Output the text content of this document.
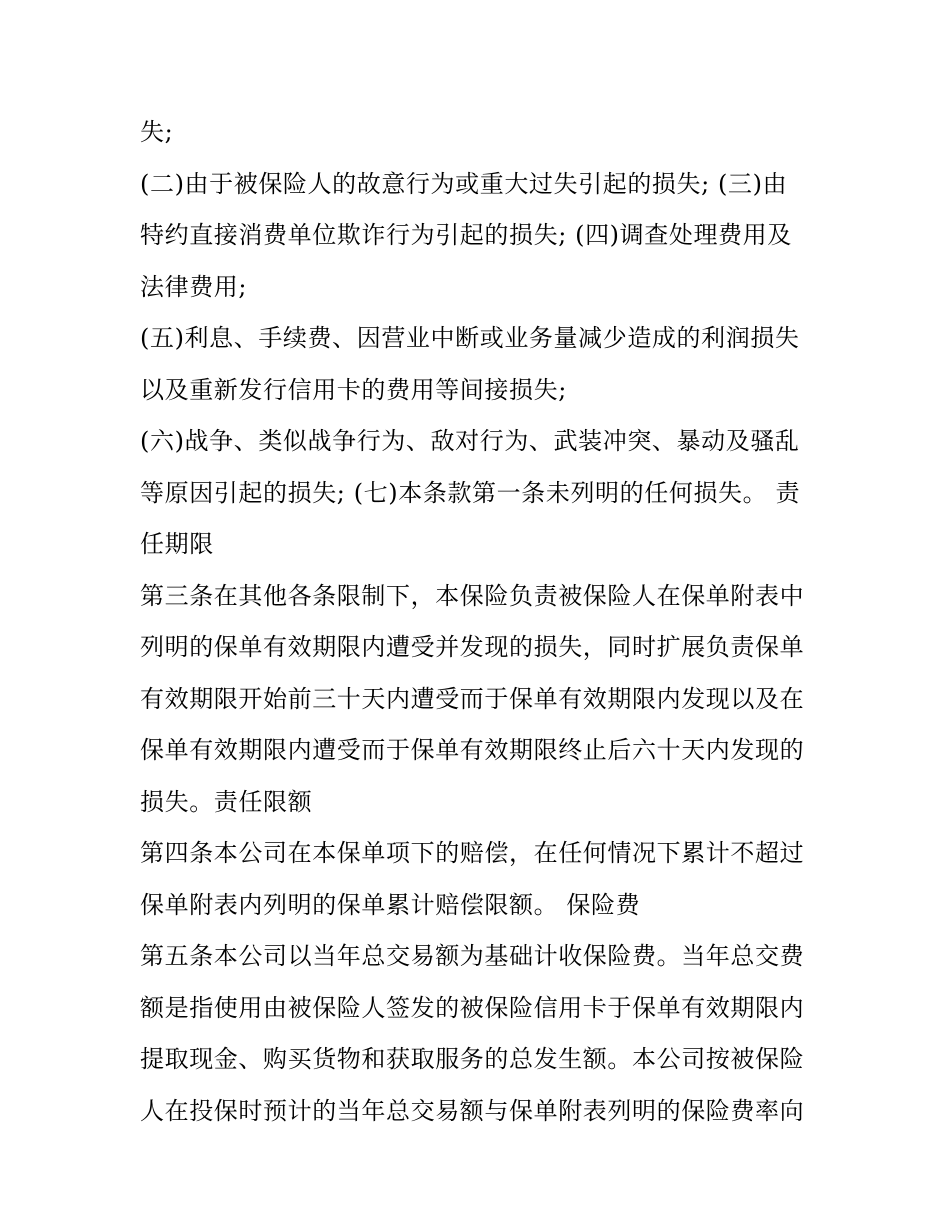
失;
(二)由于被保险人的故意行为或重大过失引起的损失; (三)由
特约直接消费单位欺诈行为引起的损失; (四)调查处理费用及
法律费用;
(五)利息、手续费、因营业中断或业务量减少造成的利润损失
以及重新发行信用卡的费用等间接损失;
(六)战争、类似战争行为、敌对行为、武装冲突、暴动及骚乱
等原因引起的损失; (七)本条款第一条未列明的任何损失。 责
任期限
第三条在其他各条限制下，本保险负责被保险人在保单附表中
列明的保单有效期限内遭受并发现的损失，同时扩展负责保单
有效期限开始前三十天内遭受而于保单有效期限内发现以及在
保单有效期限内遭受而于保单有效期限终止后六十天内发现的
损失。责任限额
第四条本公司在本保单项下的赔偿，在任何情况下累计不超过
保单附表内列明的保单累计赔偿限额。 保险费
第五条本公司以当年总交易额为基础计收保险费。当年总交费
额是指使用由被保险人签发的被保险信用卡于保单有效期限内
提取现金、购买货物和获取服务的总发生额。本公司按被保险
人在投保时预计的当年总交易额与保单附表列明的保险费率向
